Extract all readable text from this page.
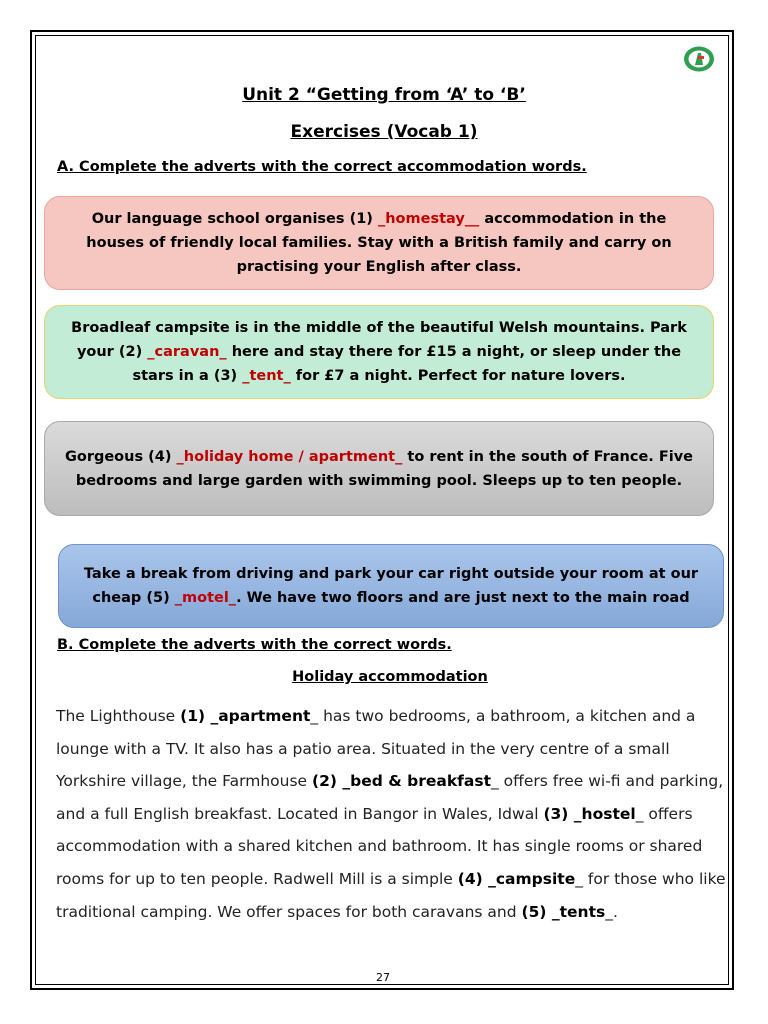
Unit 2 “Getting from ‘A’ to ‘B’
Exercises (Vocab 1)
A. Complete the adverts with the correct accommodation words.
Our language school organises (1) _homestay__ accommodation in the houses of friendly local families. Stay with a British family and carry on practising your English after class.
Broadleaf campsite is in the middle of the beautiful Welsh mountains. Park your (2) _caravan_ here and stay there for £15 a night, or sleep under the stars in a (3) _tent_ for £7 a night. Perfect for nature lovers.
Gorgeous (4) _holiday home / apartment_ to rent in the south of France. Five bedrooms and large garden with swimming pool. Sleeps up to ten people.
Take a break from driving and park your car right outside your room at our cheap (5) _motel_. We have two floors and are just next to the main road
B. Complete the adverts with the correct words.
Holiday accommodation
The Lighthouse (1) _apartment_ has two bedrooms, a bathroom, a kitchen and a lounge with a TV. It also has a patio area. Situated in the very centre of a small Yorkshire village, the Farmhouse (2) _bed & breakfast_ offers free wi-fi and parking, and a full English breakfast. Located in Bangor in Wales, Idwal (3) _hostel_ offers accommodation with a shared kitchen and bathroom. It has single rooms or shared rooms for up to ten people. Radwell Mill is a simple (4) _campsite_ for those who like traditional camping. We offer spaces for both caravans and (5) _tents_.
27
